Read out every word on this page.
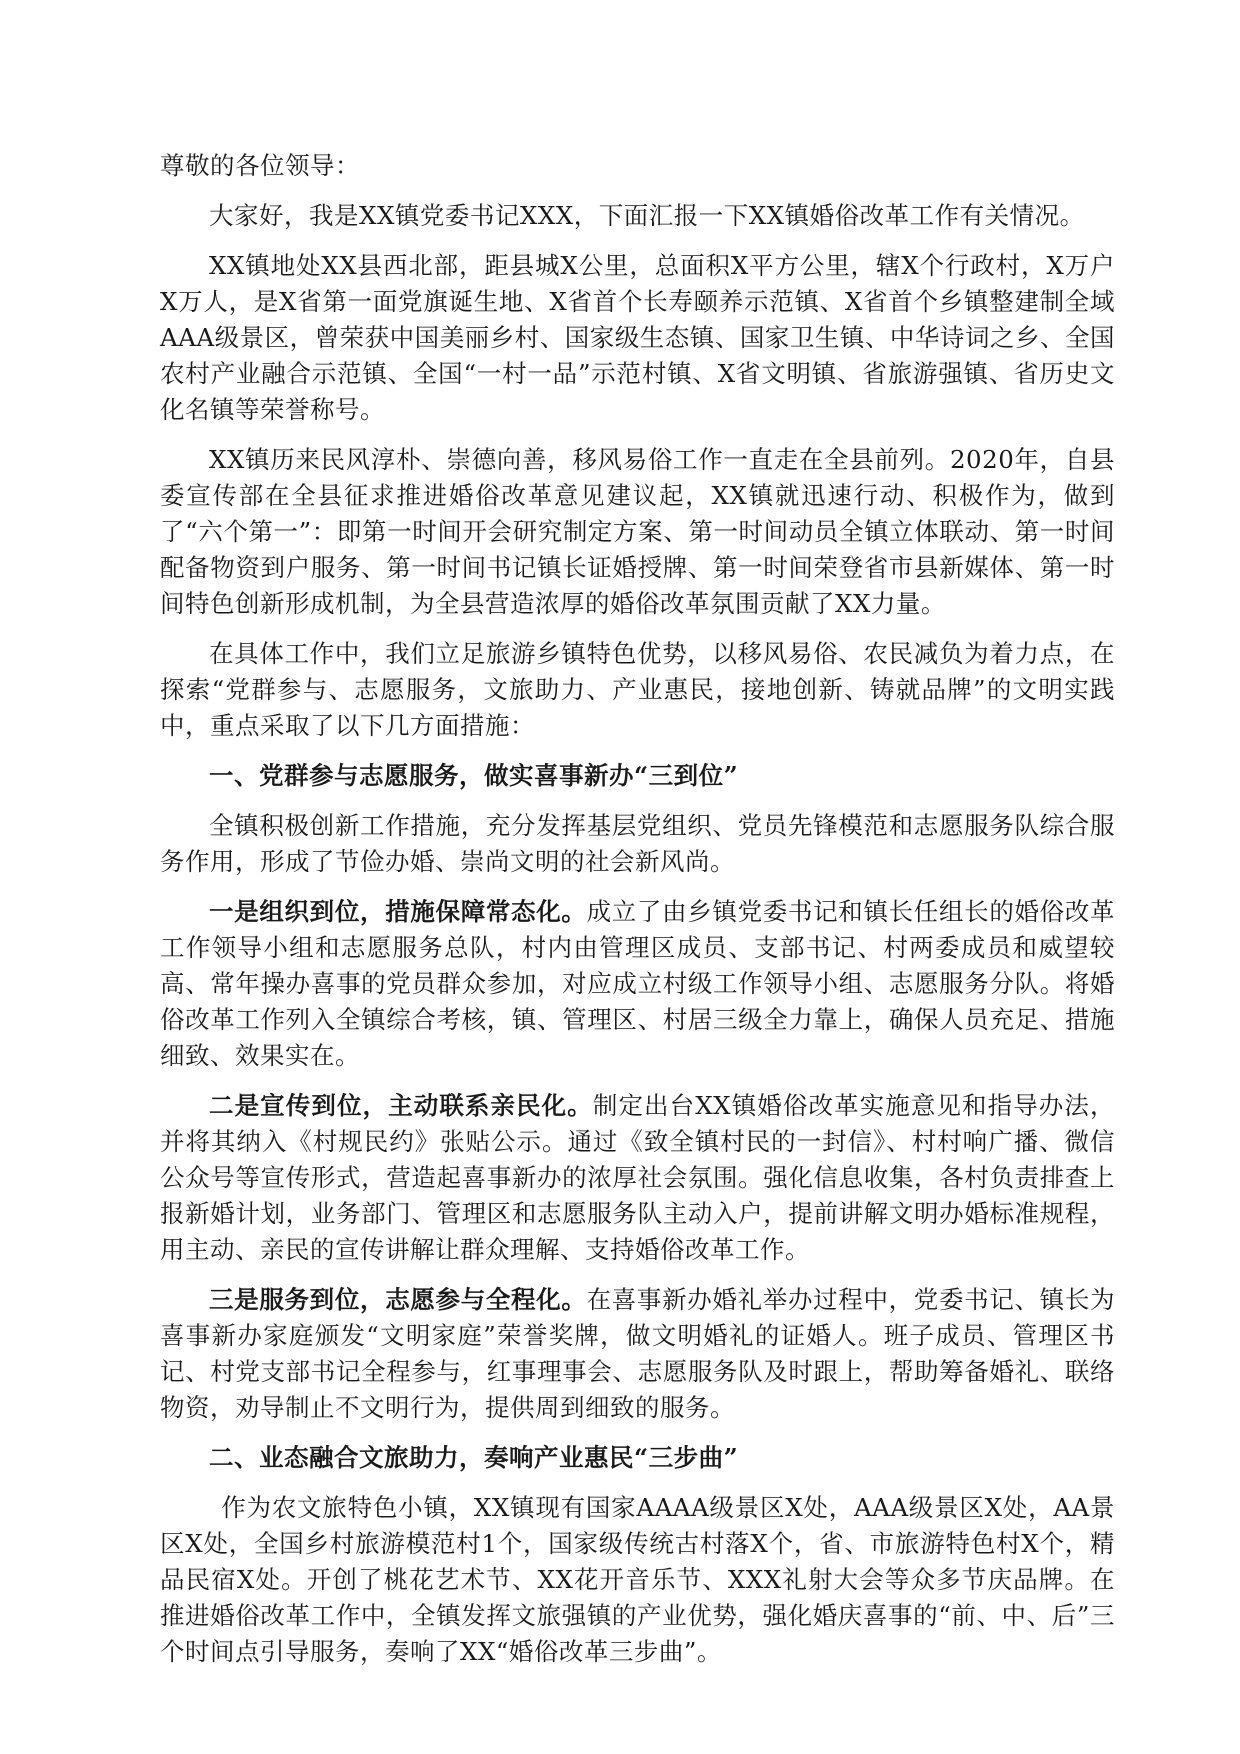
尊敬的各位领导：

大家好，我是XX镇党委书记XXX，下面汇报一下XX镇婚俗改革工作有关情况。

XX镇地处XX县西北部，距县城X公里，总面积X平方公里，辖X个行政村，X万户X万人，是X省第一面党旗诞生地、X省首个长寿颐养示范镇、X省首个乡镇整建制全域AAA级景区，曾荣获中国美丽乡村、国家级生态镇、国家卫生镇、中华诗词之乡、全国农村产业融合示范镇、全国“一村一品”示范村镇、X省文明镇、省旅游强镇、省历史文化名镇等荣誉称号。

XX镇历来民风淳朴、崇德向善，移风易俗工作一直走在全县前列。2020年，自县委宣传部在全县征求推进婚俗改革意见建议起，XX镇就迅速行动、积极作为，做到了“六个第一”：即第一时间开会研究制定方案、第一时间动员全镇立体联动、第一时间配备物资到户服务、第一时间书记镇长证婚授牌、第一时间荣登省市县新媒体、第一时间特色创新形成机制，为全县营造浓厚的婚俗改革氛围贡献了XX力量。

在具体工作中，我们立足旅游乡镇特色优势，以移风易俗、农民减负为着力点，在探索“党群参与、志愿服务，文旅助力、产业惠民，接地创新、铸就品牌”的文明实践中，重点采取了以下几方面措施：

一、党群参与志愿服务，做实喜事新办“三到位”

全镇积极创新工作措施，充分发挥基层党组织、党员先锋模范和志愿服务队综合服务作用，形成了节俭办婚、崇尚文明的社会新风尚。

一是组织到位，措施保障常态化。成立了由乡镇党委书记和镇长任组长的婚俗改革工作领导小组和志愿服务总队，村内由管理区成员、支部书记、村两委成员和威望较高、常年操办喜事的党员群众参加，对应成立村级工作领导小组、志愿服务分队。将婚俗改革工作列入全镇综合考核，镇、管理区、村居三级全力靠上，确保人员充足、措施细致、效果实在。

二是宣传到位，主动联系亲民化。制定出台XX镇婚俗改革实施意见和指导办法，并将其纳入《村规民约》张贴公示。通过《致全镇村民的一封信》、村村响广播、微信公众号等宣传形式，营造起喜事新办的浓厚社会氛围。强化信息收集，各村负责排查上报新婚计划，业务部门、管理区和志愿服务队主动入户，提前讲解文明办婚标准规程，用主动、亲民的宣传讲解让群众理解、支持婚俗改革工作。

三是服务到位，志愿参与全程化。在喜事新办婚礼举办过程中，党委书记、镇长为喜事新办家庭颁发“文明家庭”荣誉奖牌，做文明婚礼的证婚人。班子成员、管理区书记、村党支部书记全程参与，红事理事会、志愿服务队及时跟上，帮助筹备婚礼、联络物资，劝导制止不文明行为，提供周到细致的服务。

二、业态融合文旅助力，奏响产业惠民“三步曲”

作为农文旅特色小镇，XX镇现有国家AAAA级景区X处，AAA级景区X处，AA景区X处，全国乡村旅游模范村1个，国家级传统古村落X个，省、市旅游特色村X个，精品民宿X处。开创了桃花艺术节、XX花开音乐节、XXX礼射大会等众多节庆品牌。在推进婚俗改革工作中，全镇发挥文旅强镇的产业优势，强化婚庆喜事的“前、中、后”三个时间点引导服务，奏响了XX“婚俗改革三步曲”。
